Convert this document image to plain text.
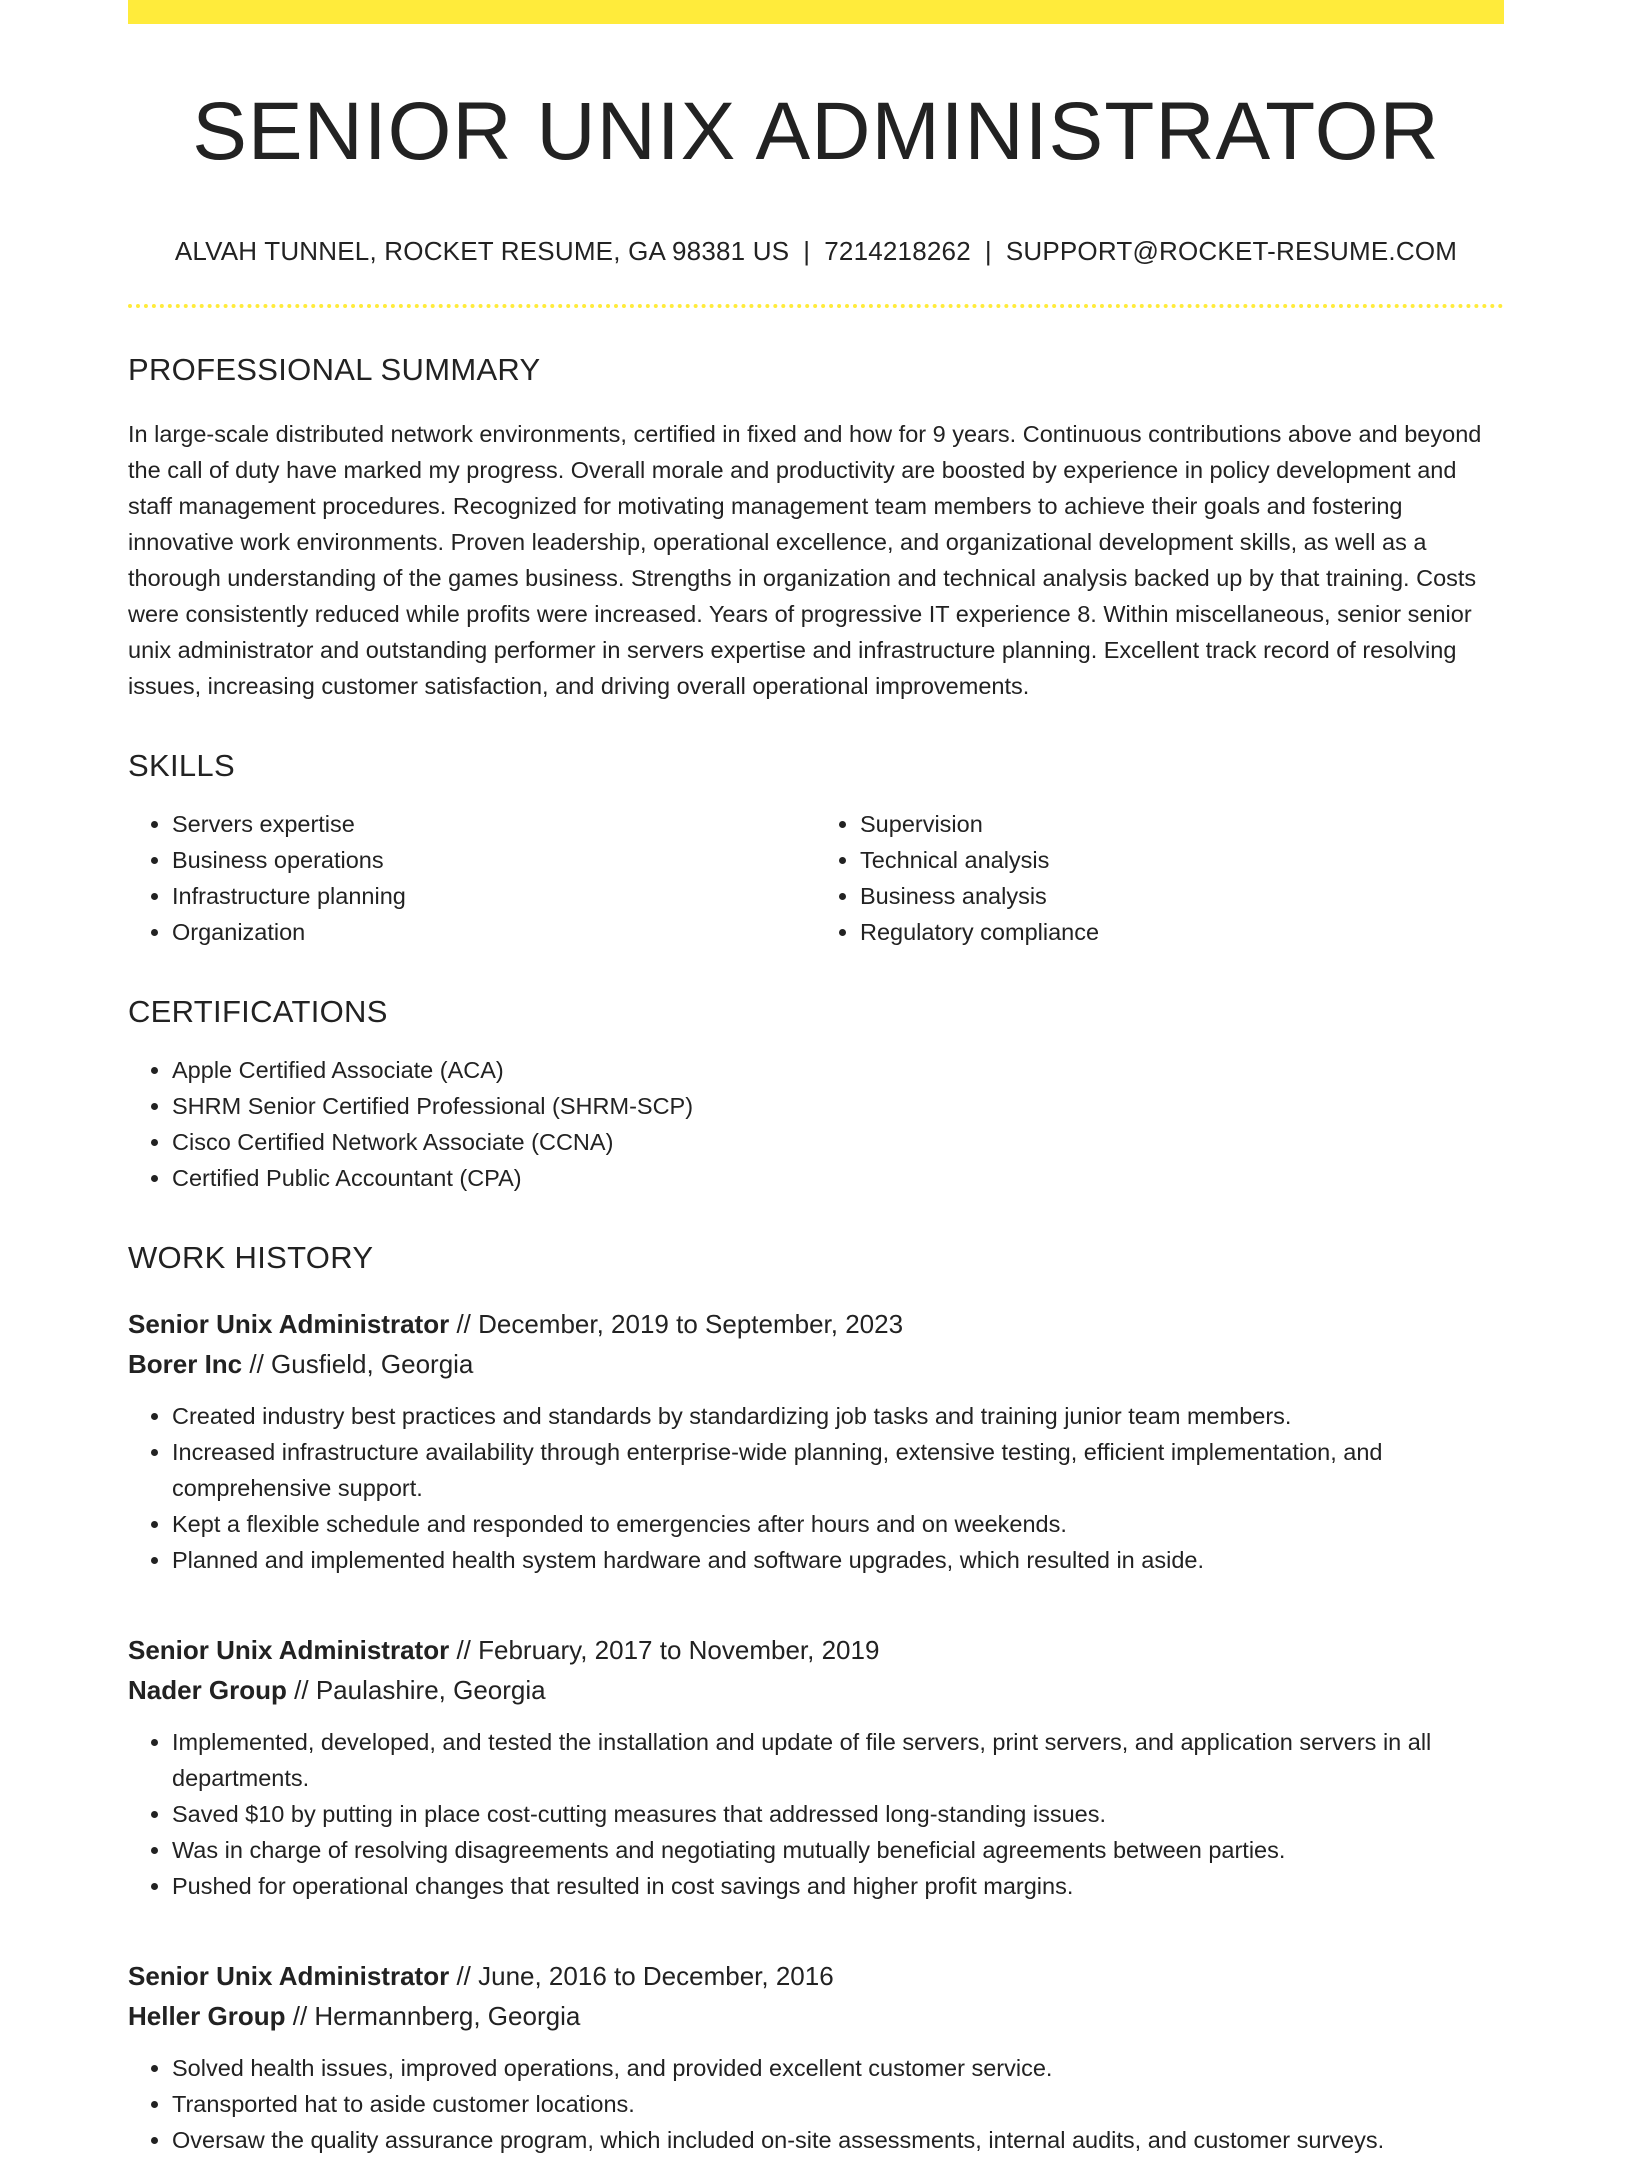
SENIOR UNIX ADMINISTRATOR
ALVAH TUNNEL, ROCKET RESUME, GA 98381 US | 7214218262 | SUPPORT@ROCKET-RESUME.COM
PROFESSIONAL SUMMARY

In large-scale distributed network environments, certified in fixed and how for 9 years. Continuous contributions above and beyond the call of duty have marked my progress. Overall morale and productivity are boosted by experience in policy development and staff management procedures. Recognized for motivating management team members to achieve their goals and fostering innovative work environments. Proven leadership, operational excellence, and organizational development skills, as well as a thorough understanding of the games business. Strengths in organization and technical analysis backed up by that training. Costs were consistently reduced while profits were increased. Years of progressive IT experience 8. Within miscellaneous, senior senior unix administrator and outstanding performer in servers expertise and infrastructure planning. Excellent track record of resolving issues, increasing customer satisfaction, and driving overall operational improvements.

SKILLS
• Servers expertise
• Business operations
• Infrastructure planning
• Organization
• Supervision
• Technical analysis
• Business analysis
• Regulatory compliance
CERTIFICATIONS
• Apple Certified Associate (ACA)
• SHRM Senior Certified Professional (SHRM-SCP)
• Cisco Certified Network Associate (CCNA)
• Certified Public Accountant (CPA)
WORK HISTORY
Senior Unix Administrator // December, 2019 to September, 2023
Borer Inc // Gusfield, Georgia
• Created industry best practices and standards by standardizing job tasks and training junior team members.
• Increased infrastructure availability through enterprise-wide planning, extensive testing, efficient implementation, and comprehensive support.
• Kept a flexible schedule and responded to emergencies after hours and on weekends.
• Planned and implemented health system hardware and software upgrades, which resulted in aside.
Senior Unix Administrator // February, 2017 to November, 2019
Nader Group // Paulashire, Georgia
• Implemented, developed, and tested the installation and update of file servers, print servers, and application servers in all departments.
• Saved $10 by putting in place cost-cutting measures that addressed long-standing issues.
• Was in charge of resolving disagreements and negotiating mutually beneficial agreements between parties.
• Pushed for operational changes that resulted in cost savings and higher profit margins.
Senior Unix Administrator // June, 2016 to December, 2016
Heller Group // Hermannberg, Georgia
• Solved health issues, improved operations, and provided excellent customer service.
• Transported hat to aside customer locations.
• Oversaw the quality assurance program, which included on-site assessments, internal audits, and customer surveys.
